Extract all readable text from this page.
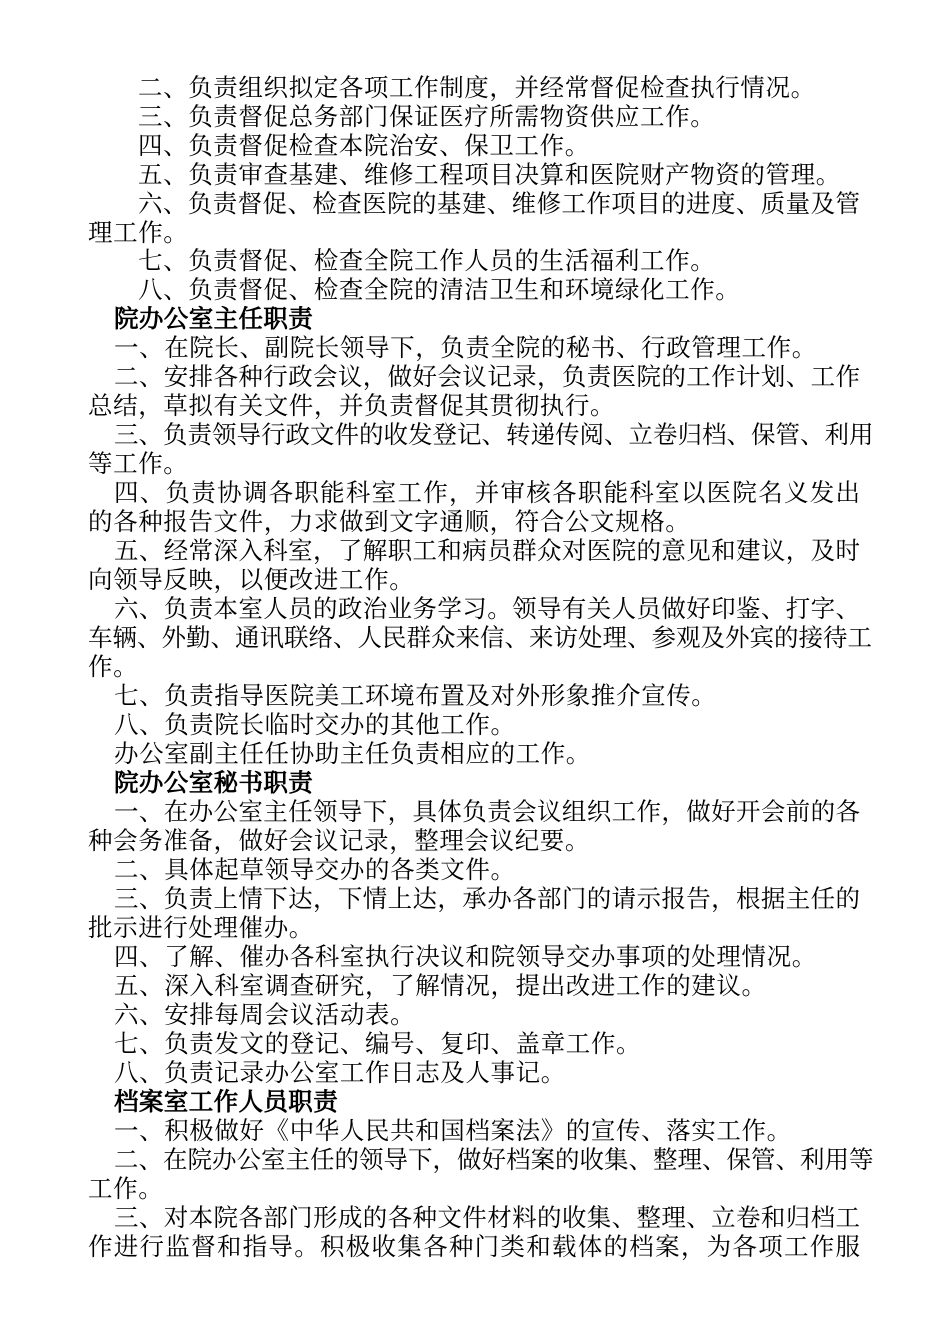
二、负责组织拟定各项工作制度，并经常督促检查执行情况。
三、负责督促总务部门保证医疗所需物资供应工作。
四、负责督促检查本院治安、保卫工作。
五、负责审查基建、维修工程项目决算和医院财产物资的管理。
六、负责督促、检查医院的基建、维修工作项目的进度、质量及管
理工作。
七、负责督促、检查全院工作人员的生活福利工作。
八、负责督促、检查全院的清洁卫生和环境绿化工作。
院办公室主任职责
一、在院长、副院长领导下，负责全院的秘书、行政管理工作。
二、安排各种行政会议，做好会议记录，负责医院的工作计划、工作
总结，草拟有关文件，并负责督促其贯彻执行。
三、负责领导行政文件的收发登记、转递传阅、立卷归档、保管、利用
等工作。
四、负责协调各职能科室工作，并审核各职能科室以医院名义发出
的各种报告文件，力求做到文字通顺，符合公文规格。
五、经常深入科室，了解职工和病员群众对医院的意见和建议，及时
向领导反映，以便改进工作。
六、负责本室人员的政治业务学习。领导有关人员做好印鉴、打字、
车辆、外勤、通讯联络、人民群众来信、来访处理、参观及外宾的接待工
作。
七、负责指导医院美工环境布置及对外形象推介宣传。
八、负责院长临时交办的其他工作。
办公室副主任任协助主任负责相应的工作。
院办公室秘书职责
一、在办公室主任领导下，具体负责会议组织工作，做好开会前的各
种会务准备，做好会议记录，整理会议纪要。
二、具体起草领导交办的各类文件。
三、负责上情下达，下情上达，承办各部门的请示报告，根据主任的
批示进行处理催办。
四、了解、催办各科室执行决议和院领导交办事项的处理情况。
五、深入科室调查研究，了解情况，提出改进工作的建议。
六、安排每周会议活动表。
七、负责发文的登记、编号、复印、盖章工作。
八、负责记录办公室工作日志及人事记。
档案室工作人员职责
一、积极做好《中华人民共和国档案法》的宣传、落实工作。
二、在院办公室主任的领导下，做好档案的收集、整理、保管、利用等
工作。
三、对本院各部门形成的各种文件材料的收集、整理、立卷和归档工
作进行监督和指导。积极收集各种门类和载体的档案，为各项工作服
